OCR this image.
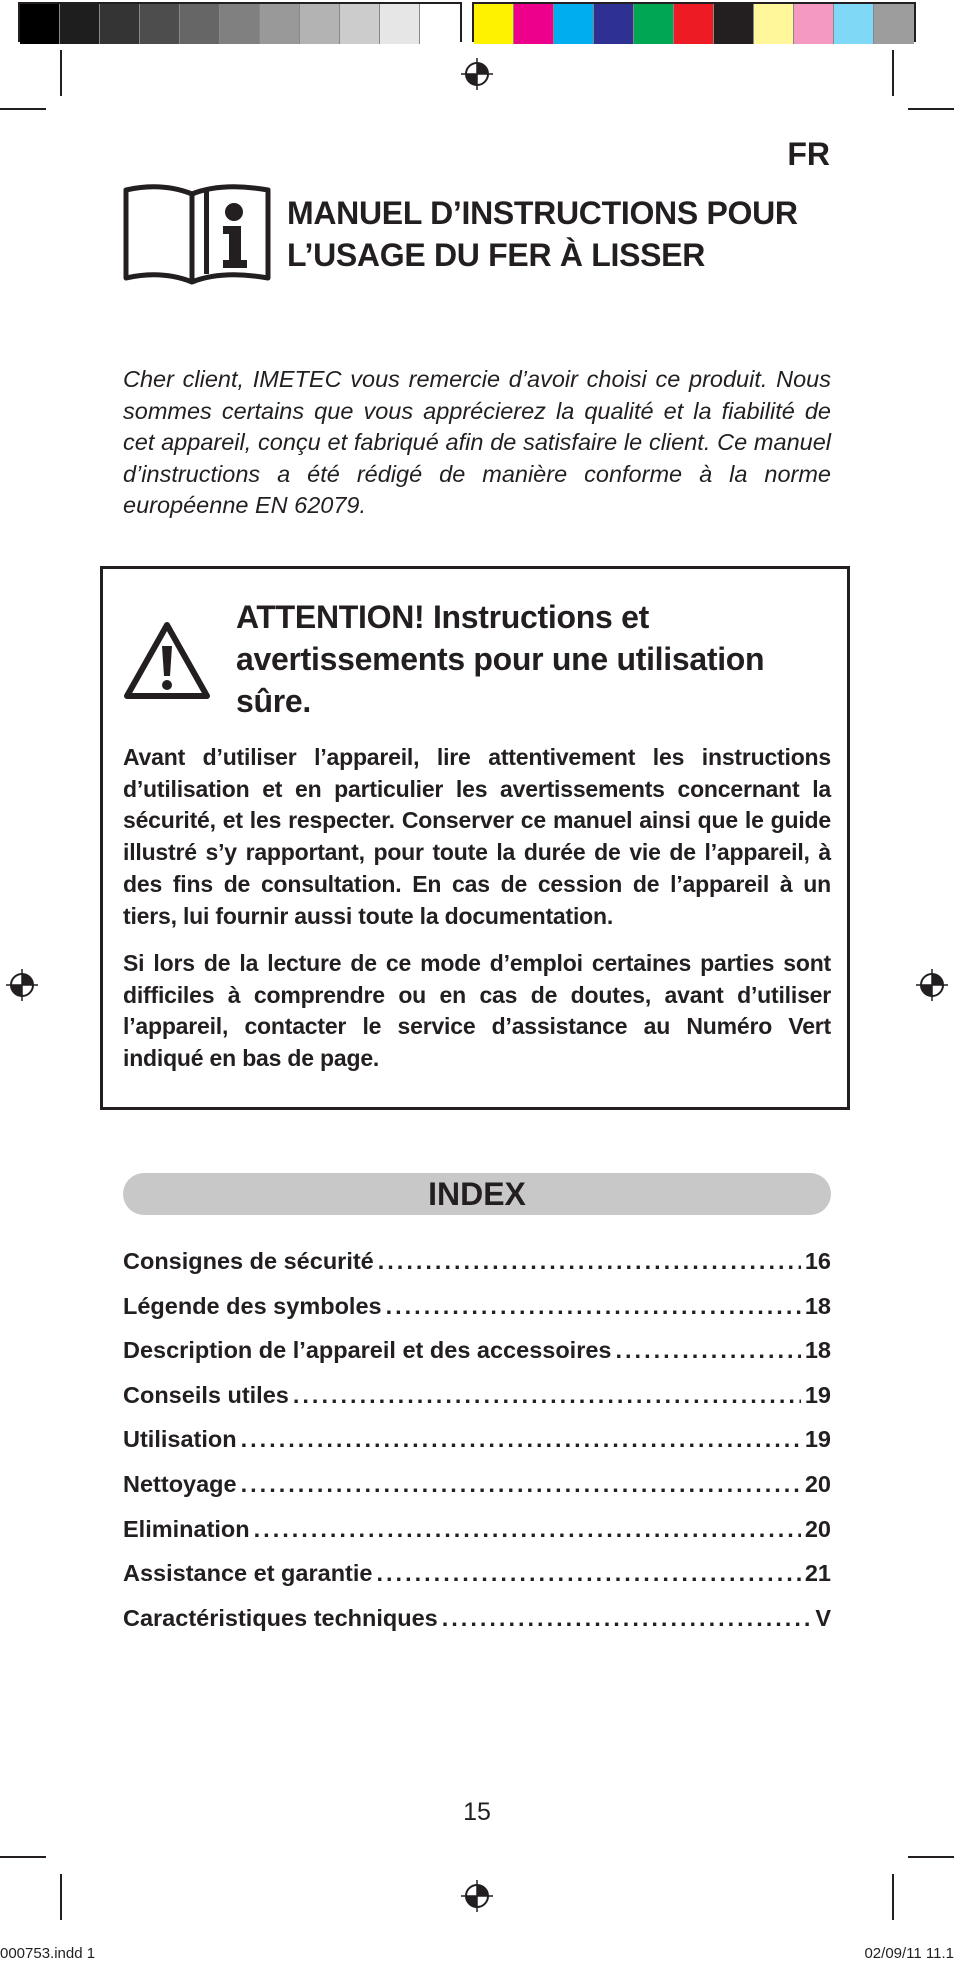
FR
MANUEL D’INSTRUCTIONS POUR
L’USAGE DU FER À LISSER

Cher client, IMETEC vous remercie d’avoir choisi ce produit. Nous sommes certains que vous apprécierez la qualité et la fiabilité de cet appareil, conçu et fabriqué afin de satisfaire le client. Ce manuel d’instructions a été rédigé de manière conforme à la norme européenne EN 62079.

ATTENTION! Instructions et avertissements pour une utilisation sûre.

Avant d’utiliser l’appareil, lire attentivement les instructions d’utilisation et en particulier les avertissements concernant la sécurité, et les respecter. Conserver ce manuel ainsi que le guide illustré s’y rapportant, pour toute la durée de vie de l’appareil, à des fins de consultation. En cas de cession de l’appareil à un tiers, lui fournir aussi toute la documentation.

Si lors de la lecture de ce mode d’emploi certaines parties sont difficiles à comprendre ou en cas de doutes, avant d’utiliser l’appareil, contacter le service d’assistance au Numéro Vert indiqué en bas de page.

INDEX
Consignes de sécurité .....	16
Légende des symboles .....	18
Description de l’appareil et des accessoires .....	18
Conseils utiles .....	19
Utilisation .....	19
Nettoyage .....	20
Elimination .....	20
Assistance et garantie .....	21
Caractéristiques techniques .....	V
15
000753.indd 1	02/09/11 11.1
